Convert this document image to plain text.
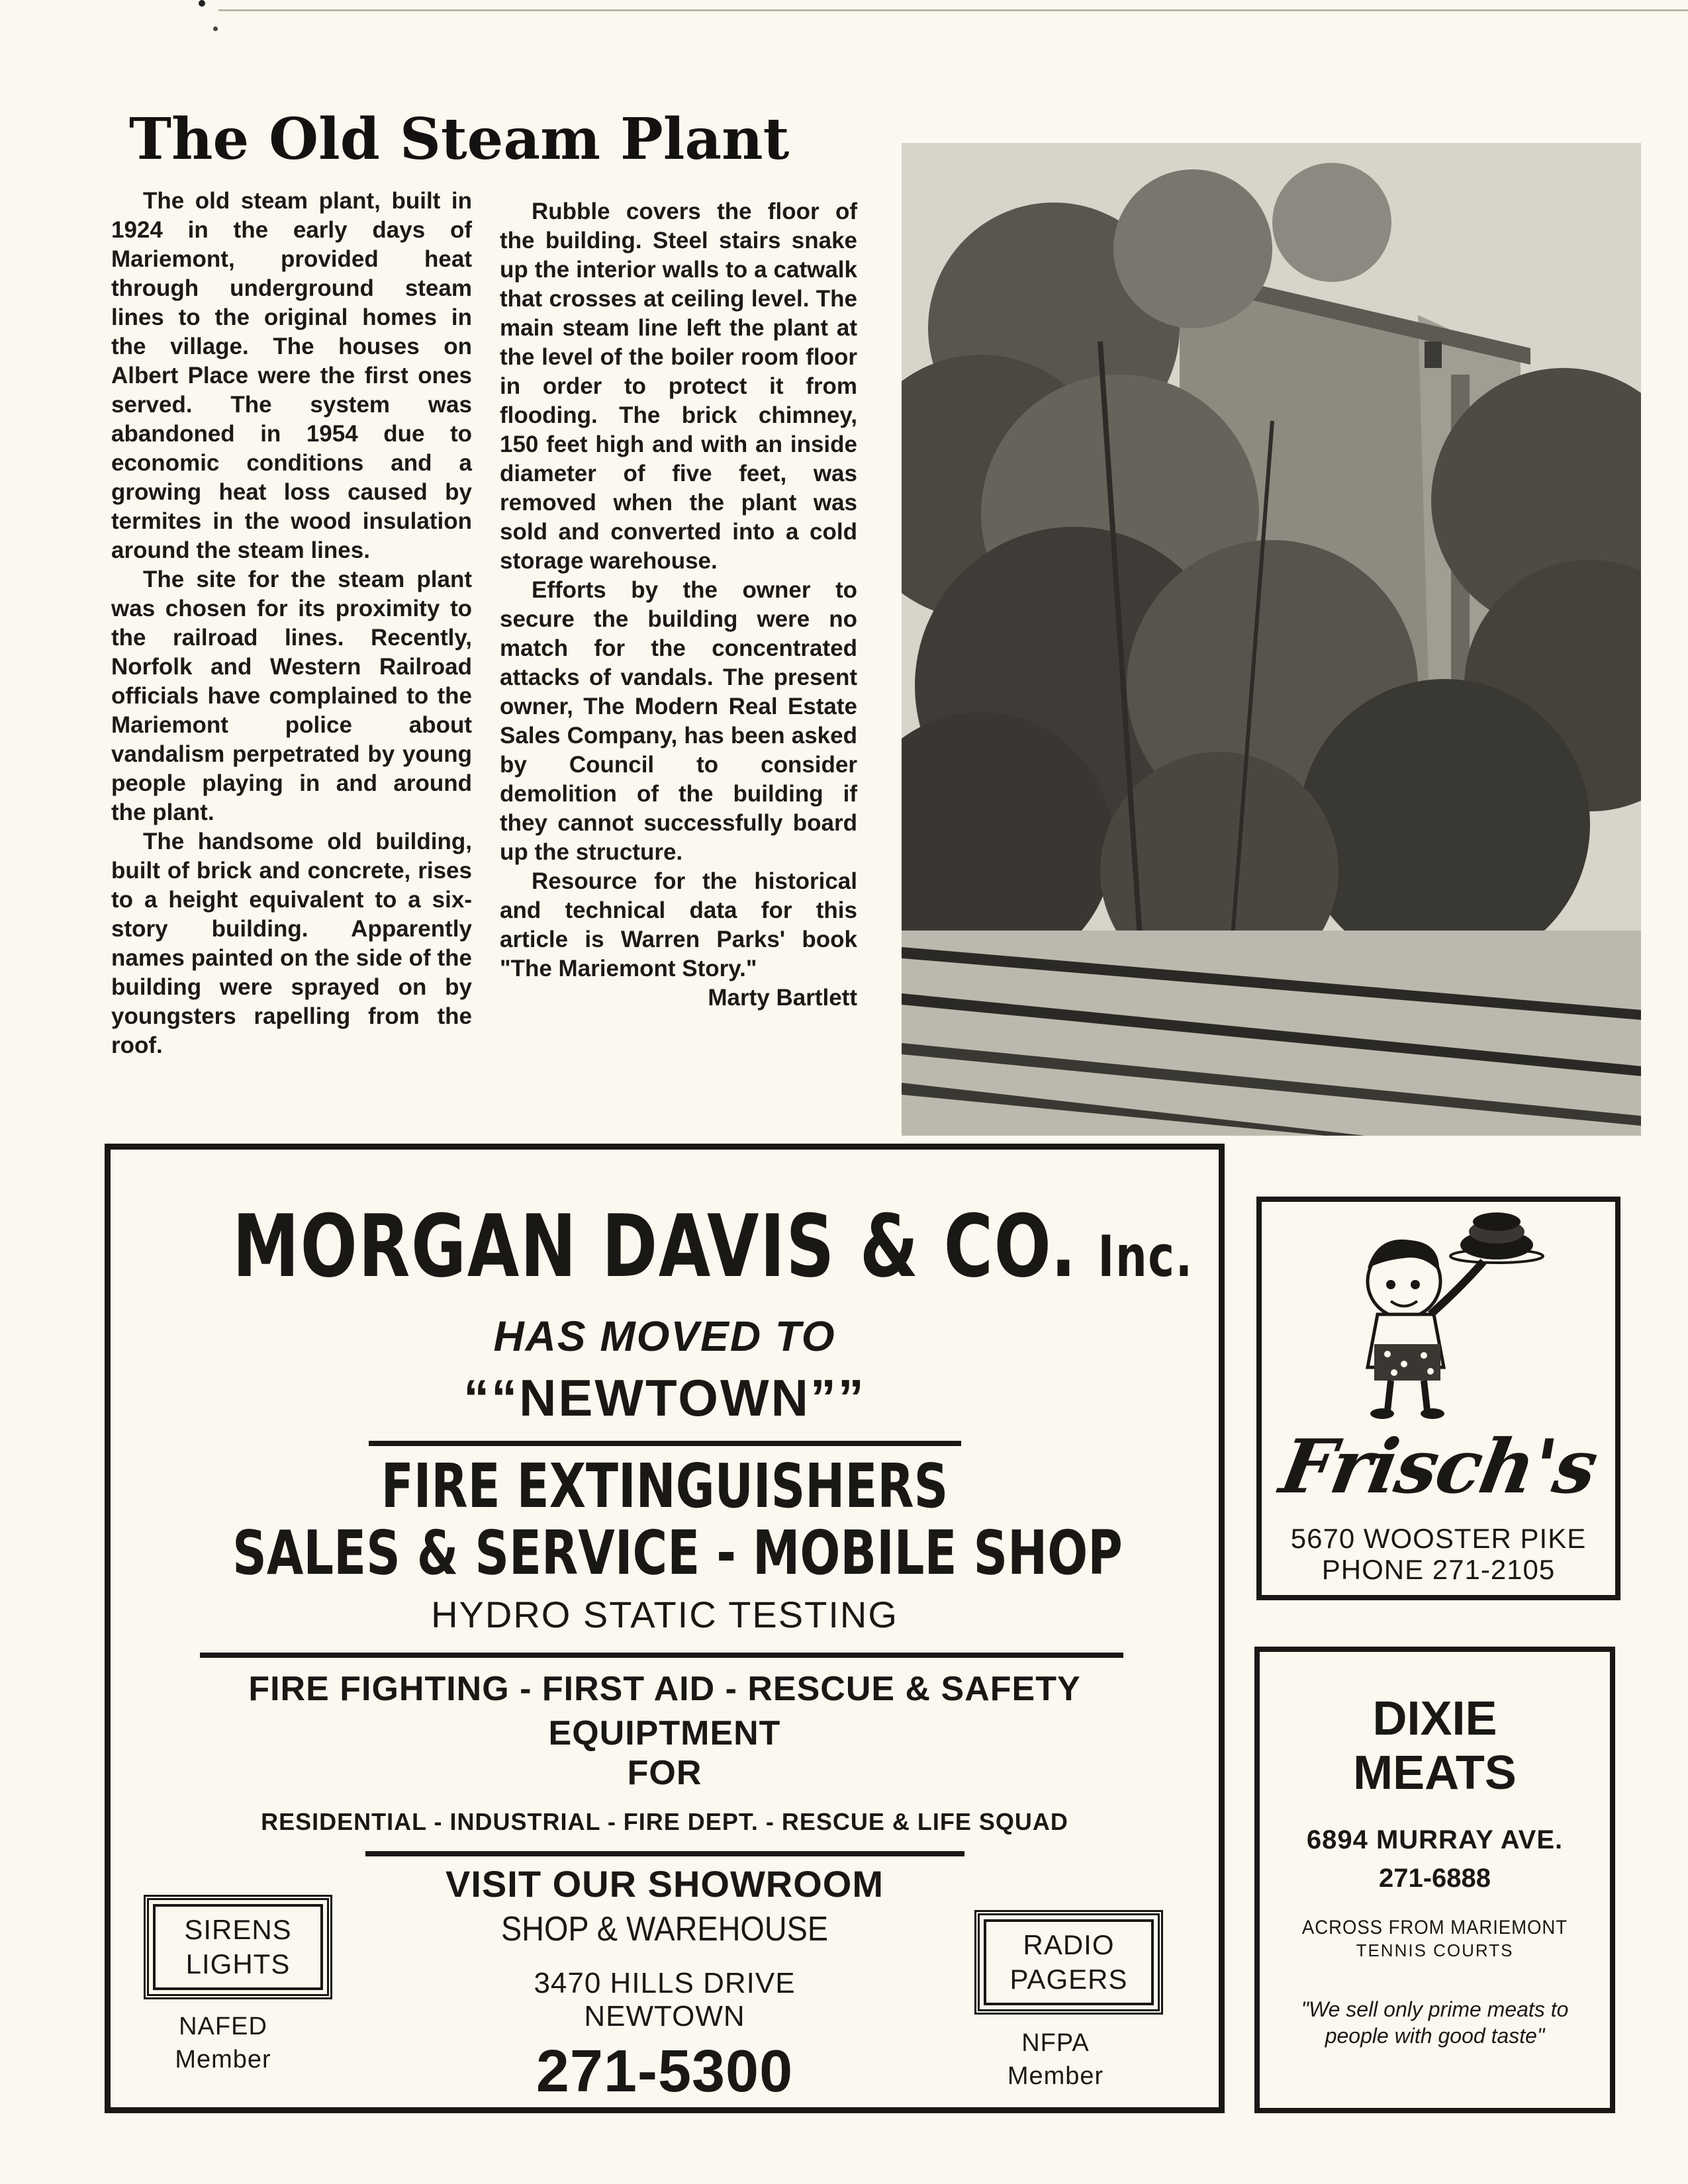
The Old Steam Plant

The old steam plant, built in 1924 in the early days of Mariemont, provided heat through underground steam lines to the original homes in the village. The houses on Albert Place were the first ones served. The system was abandoned in 1954 due to economic conditions and a growing heat loss caused by termites in the wood insulation around the steam lines.

The site for the steam plant was chosen for its proximity to the railroad lines. Recently, Norfolk and Western Railroad officials have complained to the Mariemont police about vandalism perpetrated by young people playing in and around the plant.

The handsome old building, built of brick and concrete, rises to a height equivalent to a six-story building. Apparently names painted on the side of the building were sprayed on by youngsters rapelling from the roof.

Rubble covers the floor of the building. Steel stairs snake up the interior walls to a catwalk that crosses at ceiling level. The main steam line left the plant at the level of the boiler room floor in order to protect it from flooding. The brick chimney, 150 feet high and with an inside diameter of five feet, was removed when the plant was sold and converted into a cold storage warehouse.

Efforts by the owner to secure the building were no match for the concentrated attacks of vandals. The present owner, The Modern Real Estate Sales Company, has been asked by Council to consider demolition of the building if they cannot successfully board up the structure.

Resource for the historical and technical data for this article is Warren Parks' book "The Mariemont Story."

Marty Bartlett

MORGAN DAVIS & CO. Inc.
HAS MOVED TO
““NEWTOWN””
FIRE EXTINGUISHERS
SALES & SERVICE - MOBILE SHOP
HYDRO STATIC TESTING
FIRE FIGHTING - FIRST AID - RESCUE & SAFETY
EQUIPTMENT
FOR
RESIDENTIAL - INDUSTRIAL - FIRE DEPT. - RESCUE & LIFE SQUAD
VISIT OUR SHOWROOM
SHOP & WAREHOUSE
3470 HILLS DRIVE
NEWTOWN
271-5300
SIRENS
LIGHTS
NAFED
Member
RADIO
PAGERS
NFPA
Member
Frisch's
5670 WOOSTER PIKE
PHONE 271-2105
DIXIE
MEATS
6894 MURRAY AVE.
271-6888
ACROSS FROM MARIEMONT
TENNIS COURTS
"We sell only prime meats to people with good taste"
